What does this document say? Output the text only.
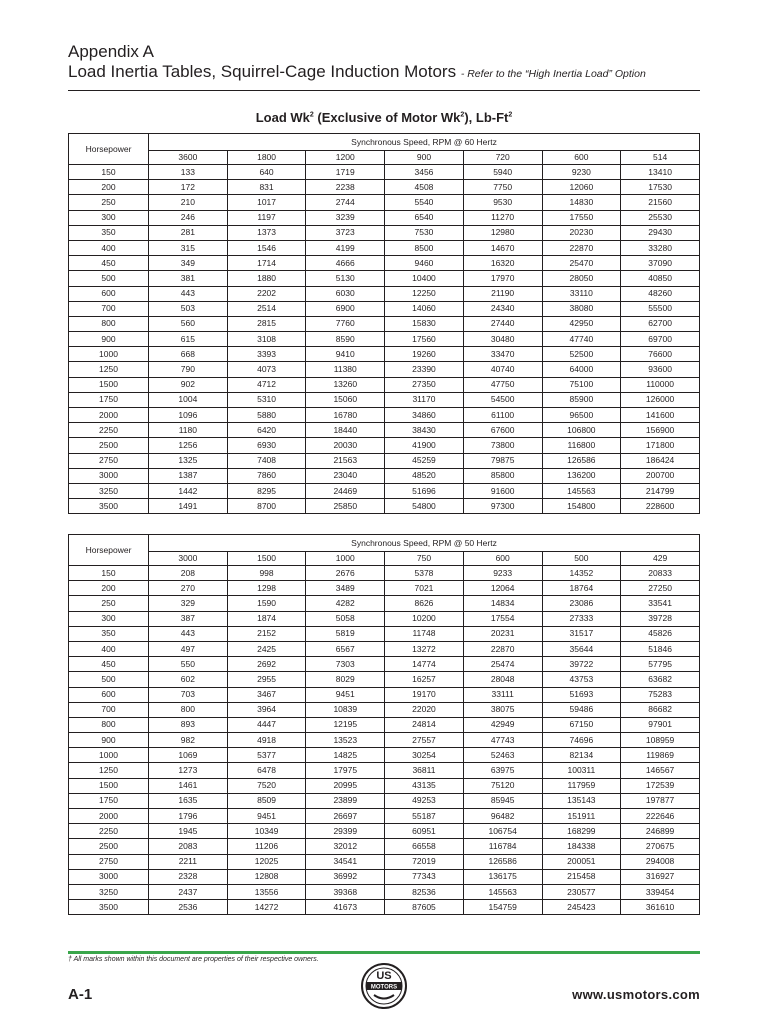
Appendix A
Load Inertia Tables, Squirrel-Cage Induction Motors - Refer to the “High Inertia Load” Option
Load Wk$^2$ (Exclusive of Motor Wk$^2$), Lb-Ft$^2$
Horsepower	Synchronous Speed, RPM @ 60 Hertz						
	3600	1800	1200	900	720	600	514
150	133	640	1719	3456	5940	9230	13410
200	172	831	2238	4508	7750	12060	17530
250	210	1017	2744	5540	9530	14830	21560
300	246	1197	3239	6540	11270	17550	25530
350	281	1373	3723	7530	12980	20230	29430
400	315	1546	4199	8500	14670	22870	33280
450	349	1714	4666	9460	16320	25470	37090
500	381	1880	5130	10400	17970	28050	40850
600	443	2202	6030	12250	21190	33110	48260
700	503	2514	6900	14060	24340	38080	55500
800	560	2815	7760	15830	27440	42950	62700
900	615	3108	8590	17560	30480	47740	69700
1000	668	3393	9410	19260	33470	52500	76600
1250	790	4073	11380	23390	40740	64000	93600
1500	902	4712	13260	27350	47750	75100	110000
1750	1004	5310	15060	31170	54500	85900	126000
2000	1096	5880	16780	34860	61100	96500	141600
2250	1180	6420	18440	38430	67600	106800	156900
2500	1256	6930	20030	41900	73800	116800	171800
2750	1325	7408	21563	45259	79875	126586	186424
3000	1387	7860	23040	48520	85800	136200	200700
3250	1442	8295	24469	51696	91600	145563	214799
3500	1491	8700	25850	54800	97300	154800	228600
Horsepower	Synchronous Speed, RPM @ 50 Hertz						
	3000	1500	1000	750	600	500	429
150	208	998	2676	5378	9233	14352	20833
200	270	1298	3489	7021	12064	18764	27250
250	329	1590	4282	8626	14834	23086	33541
300	387	1874	5058	10200	17554	27333	39728
350	443	2152	5819	11748	20231	31517	45826
400	497	2425	6567	13272	22870	35644	51846
450	550	2692	7303	14774	25474	39722	57795
500	602	2955	8029	16257	28048	43753	63682
600	703	3467	9451	19170	33111	51693	75283
700	800	3964	10839	22020	38075	59486	86682
800	893	4447	12195	24814	42949	67150	97901
900	982	4918	13523	27557	47743	74696	108959
1000	1069	5377	14825	30254	52463	82134	119869
1250	1273	6478	17975	36811	63975	100311	146567
1500	1461	7520	20995	43135	75120	117959	172539
1750	1635	8509	23899	49253	85945	135143	197877
2000	1796	9451	26697	55187	96482	151911	222646
2250	1945	10349	29399	60951	106754	168299	246899
2500	2083	11206	32012	66558	116784	184338	270675
2750	2211	12025	34541	72019	126586	200051	294008
3000	2328	12808	36992	77343	136175	215458	316927
3250	2437	13556	39368	82536	145563	230577	339454
3500	2536	14272	41673	87605	154759	245423	361610
† All marks shown within this document are properties of their respective owners.
A-1
US
MOTORS	www.usmotors.com
